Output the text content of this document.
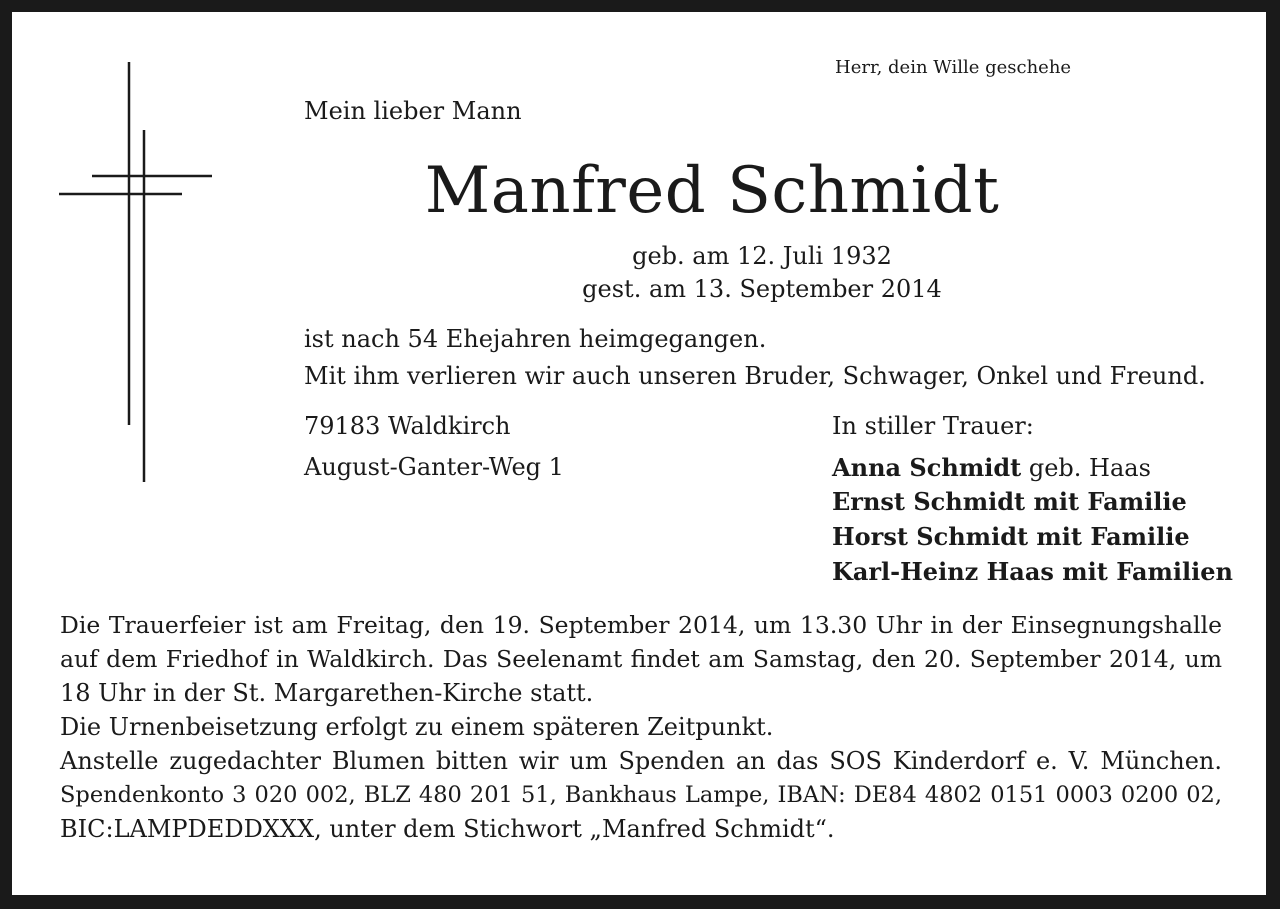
Herr, dein Wille geschehe
Mein lieber Mann
Manfred Schmidt
geb. am 12. Juli 1932
gest. am 13. September 2014
ist nach 54 Ehejahren heimgegangen.
Mit ihm verlieren wir auch unseren Bruder, Schwager, Onkel und Freund.
79183 Waldkirch
August-Ganter-Weg 1
In stiller Trauer:
Anna Schmidt geb. Haas
Ernst Schmidt mit Familie
Horst Schmidt mit Familie
Karl-Heinz Haas mit Familien
Die Trauerfeier ist am Freitag, den 19. September 2014, um 13.30 Uhr in der Einsegnungshalle
auf dem Friedhof in Waldkirch. Das Seelenamt findet am Samstag, den 20. September 2014, um
18 Uhr in der St. Margarethen-Kirche statt.
Die Urnenbeisetzung erfolgt zu einem späteren Zeitpunkt.
Anstelle zugedachter Blumen bitten wir um Spenden an das SOS Kinderdorf e. V. München.
Spendenkonto 3 020 002, BLZ 480 201 51, Bankhaus Lampe, IBAN: DE84 4802 0151 0003 0200 02,
BIC:LAMPDEDDXXX, unter dem Stichwort „Manfred Schmidt“.
